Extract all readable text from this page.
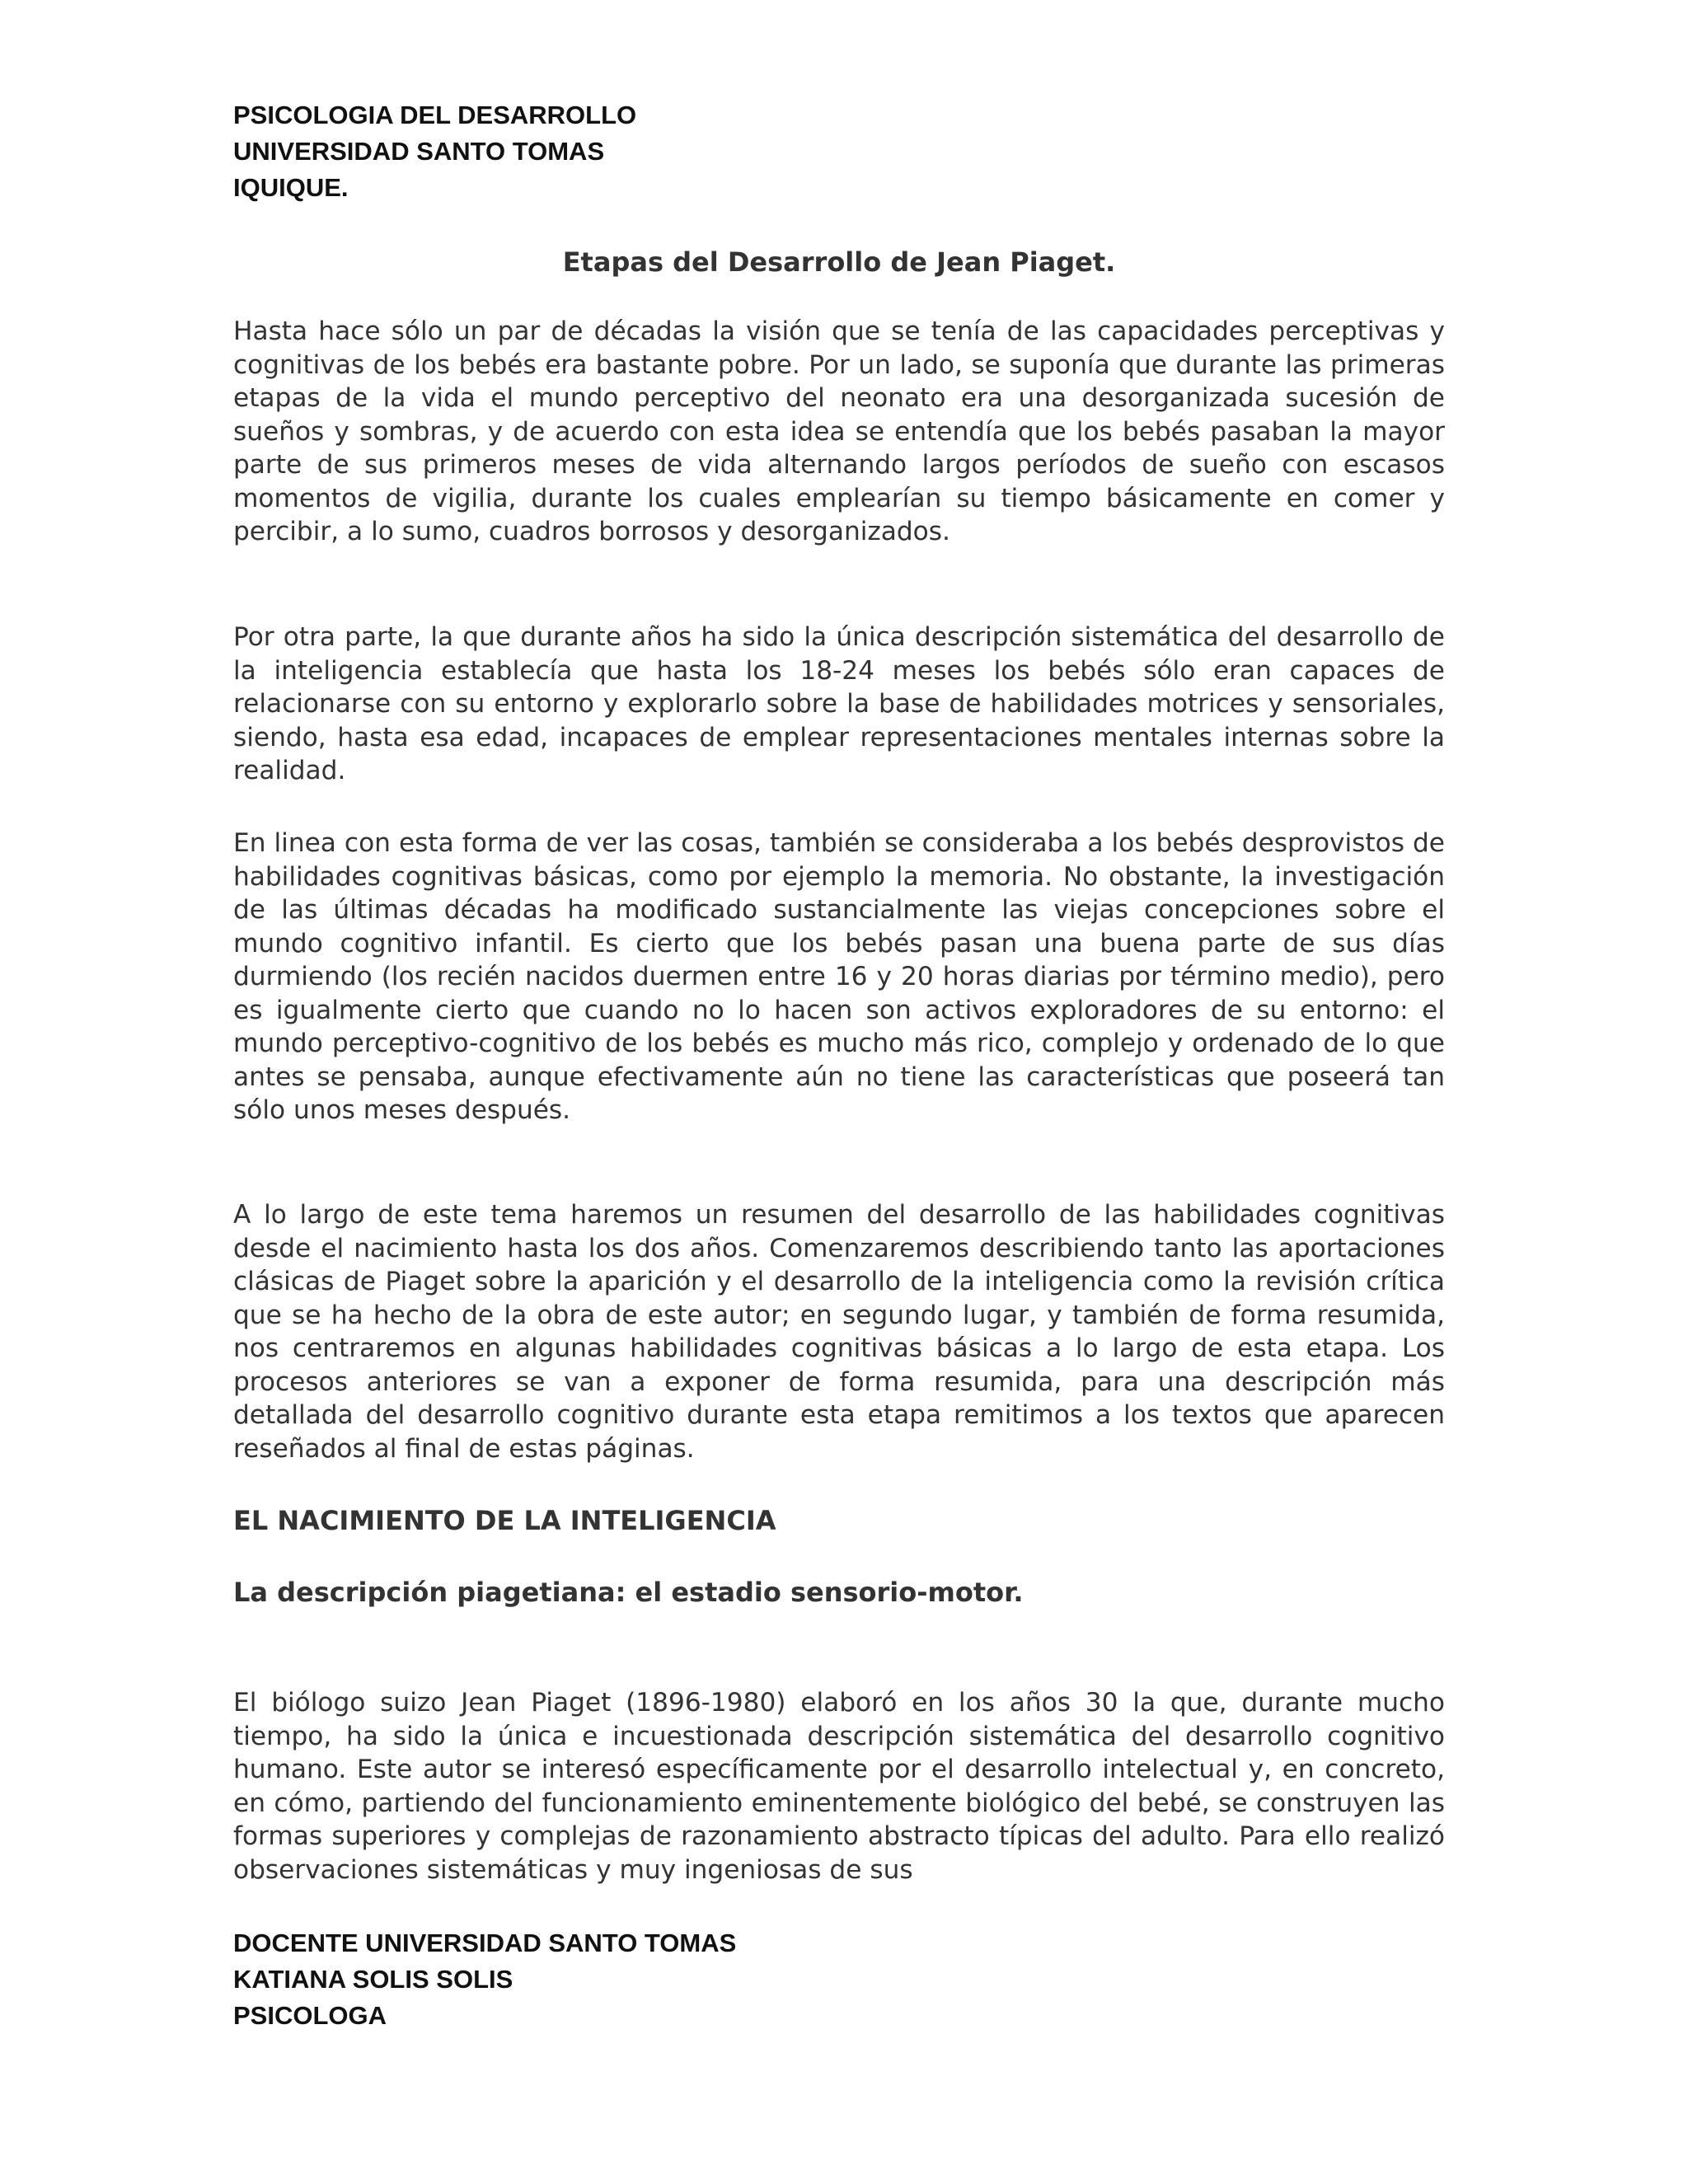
PSICOLOGIA DEL DESARROLLO
UNIVERSIDAD SANTO TOMAS
IQUIQUE.
Etapas del Desarrollo de Jean Piaget.

Hasta hace sólo un par de décadas la visión que se tenía de las capacidades perceptivas y cognitivas de los bebés era bastante pobre. Por un lado, se suponía que durante las primeras etapas de la vida el mundo perceptivo del neonato era una desorganizada sucesión de sueños y sombras, y de acuerdo con esta idea se entendía que los bebés pasaban la mayor parte de sus primeros meses de vida alternando largos períodos de sueño con escasos momentos de vigilia, durante los cuales emplearían su tiempo básicamente en comer y percibir, a lo sumo, cuadros borrosos y desorganizados.

Por otra parte, la que durante años ha sido la única descripción sistemática del desarrollo de la inteligencia establecía que hasta los 18-24 meses los bebés sólo eran capaces de relacionarse con su entorno y explorarlo sobre la base de habilidades motrices y sensoriales, siendo, hasta esa edad, incapaces de emplear representaciones mentales internas sobre la realidad.

En linea con esta forma de ver las cosas, también se consideraba a los bebés desprovistos de habilidades cognitivas básicas, como por ejemplo la memoria. No obstante, la investigación de las últimas décadas ha modificado sustancialmente las viejas concepciones sobre el mundo cognitivo infantil. Es cierto que los bebés pasan una buena parte de sus días durmiendo (los recién nacidos duermen entre 16 y 20 horas diarias por término medio), pero es igualmente cierto que cuando no lo hacen son activos exploradores de su entorno: el mundo perceptivo-cognitivo de los bebés es mucho más rico, complejo y ordenado de lo que antes se pensaba, aunque efectivamente aún no tiene las características que poseerá tan sólo unos meses después.

A lo largo de este tema haremos un resumen del desarrollo de las habilidades cognitivas desde el nacimiento hasta los dos años. Comenzaremos describiendo tanto las aportaciones clásicas de Piaget sobre la aparición y el desarrollo de la inteligencia como la revisión crítica que se ha hecho de la obra de este autor; en segundo lugar, y también de forma resumida, nos centraremos en algunas habilidades cognitivas básicas a lo largo de esta etapa. Los procesos anteriores se van a exponer de forma resumida, para una descripción más detallada del desarrollo cognitivo durante esta etapa remitimos a los textos que aparecen reseñados al final de estas páginas.

EL NACIMIENTO DE LA INTELIGENCIA
La descripción piagetiana: el estadio sensorio-motor.

El biólogo suizo Jean Piaget (1896-1980) elaboró en los años 30 la que, durante mucho tiempo, ha sido la única e incuestionada descripción sistemática del desarrollo cognitivo humano. Este autor se interesó específicamente por el desarrollo intelectual y, en concreto, en cómo, partiendo del funcionamiento eminentemente biológico del bebé, se construyen las formas superiores y complejas de razonamiento abstracto típicas del adulto. Para ello realizó observaciones sistemáticas y muy ingeniosas de sus

DOCENTE UNIVERSIDAD SANTO TOMAS
KATIANA SOLIS SOLIS
PSICOLOGA
